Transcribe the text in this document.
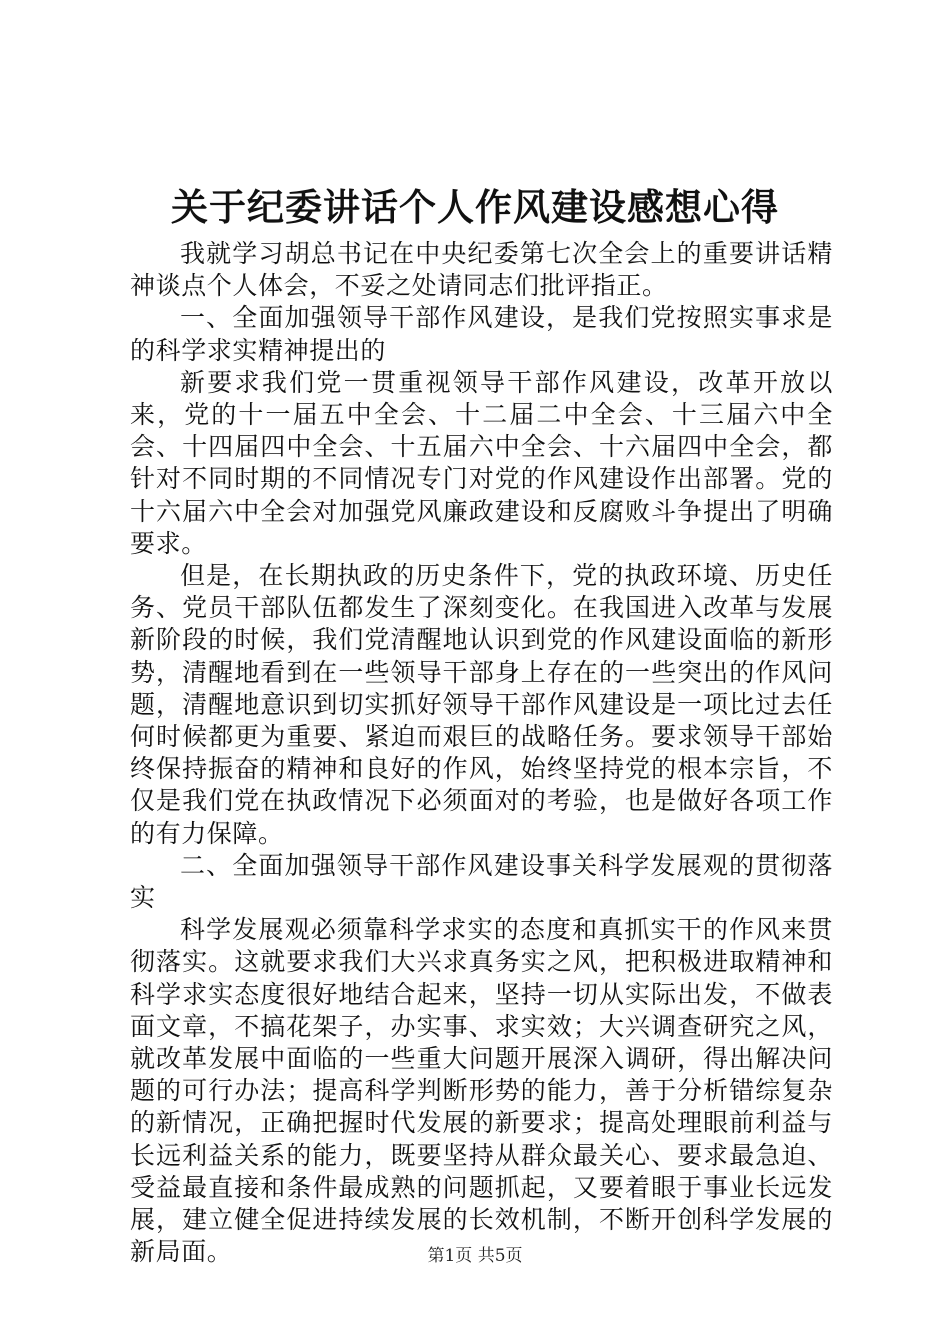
关于纪委讲话个人作风建设感想心得

我就学习胡总书记在中央纪委第七次全会上的重要讲话精神谈点个人体会，不妥之处请同志们批评指正。

一、全面加强领导干部作风建设，是我们党按照实事求是的科学求实精神提出的

新要求我们党一贯重视领导干部作风建设，改革开放以来，党的十一届五中全会、十二届二中全会、十三届六中全会、十四届四中全会、十五届六中全会、十六届四中全会，都针对不同时期的不同情况专门对党的作风建设作出部署。党的十六届六中全会对加强党风廉政建设和反腐败斗争提出了明确要求。

但是，在长期执政的历史条件下，党的执政环境、历史任务、党员干部队伍都发生了深刻变化。在我国进入改革与发展新阶段的时候，我们党清醒地认识到党的作风建设面临的新形势，清醒地看到在一些领导干部身上存在的一些突出的作风问题，清醒地意识到切实抓好领导干部作风建设是一项比过去任何时候都更为重要、紧迫而艰巨的战略任务。要求领导干部始终保持振奋的精神和良好的作风，始终坚持党的根本宗旨，不仅是我们党在执政情况下必须面对的考验，也是做好各项工作的有力保障。

二、全面加强领导干部作风建设事关科学发展观的贯彻落实

科学发展观必须靠科学求实的态度和真抓实干的作风来贯彻落实。这就要求我们大兴求真务实之风，把积极进取精神和科学求实态度很好地结合起来，坚持一切从实际出发，不做表面文章，不搞花架子，办实事、求实效；大兴调查研究之风，就改革发展中面临的一些重大问题开展深入调研，得出解决问题的可行办法；提高科学判断形势的能力，善于分析错综复杂的新情况，正确把握时代发展的新要求；提高处理眼前利益与长远利益关系的能力，既要坚持从群众最关心、要求最急迫、受益最直接和条件最成熟的问题抓起，又要着眼于事业长远发展，建立健全促进持续发展的长效机制，不断开创科学发展的新局面。	第1页 共5页
